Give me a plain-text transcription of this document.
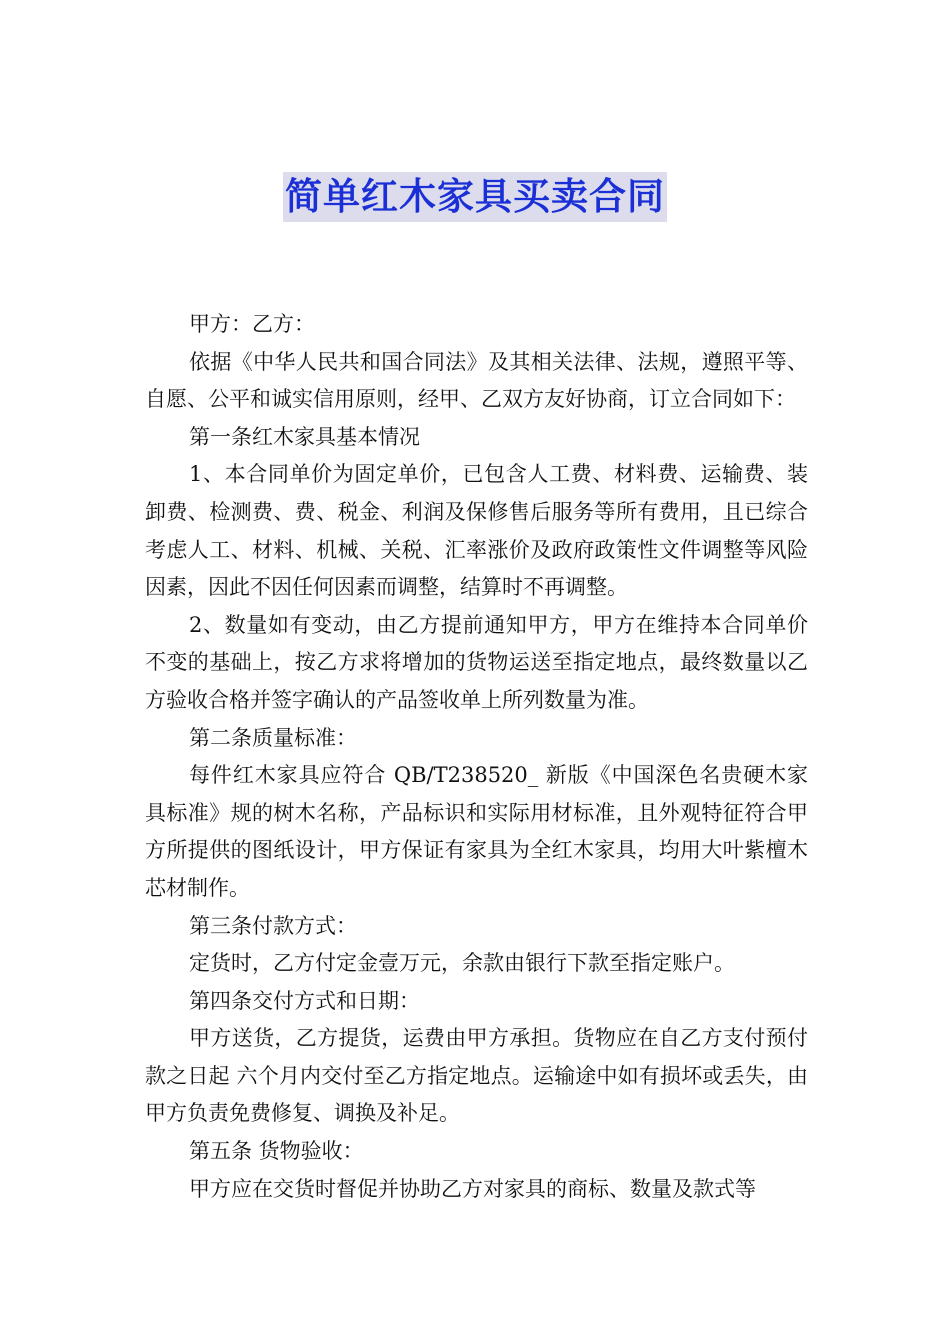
简单红木家具买卖合同

甲方：乙方：

依据《中华人民共和国合同法》及其相关法律、法规，遵照平等、 自愿、公平和诚实信用原则，经甲、乙双方友好协商，订立合同如下：

第一条红木家具基本情况

1、本合同单价为固定单价，已包含人工费、材料费、运输费、装卸费、检测费、费、税金、利润及保修售后服务等所有费用，且已综合考虑人工、材料、机械、关税、汇率涨价及政府政策性文件调整等风险因素，因此不因任何因素而调整，结算时不再调整。

2、数量如有变动，由乙方提前通知甲方，甲方在维持本合同单价不变的基础上，按乙方求将增加的货物运送至指定地点，最终数量以乙方验收合格并签字确认的产品签收单上所列数量为准。

第二条质量标准：

每件红木家具应符合 QB/T238520_ 新版《中国深色名贵硬木家具标准》规的树木名称，产品标识和实际用材标准，且外观特征符合甲方所提供的图纸设计，甲方保证有家具为全红木家具，均用大叶紫檀木芯材制作。

第三条付款方式：

定货时，乙方付定金壹万元，余款由银行下款至指定账户。

第四条交付方式和日期：

甲方送货，乙方提货，运费由甲方承担。货物应在自乙方支付预付款之日起 六个月内交付至乙方指定地点。运输途中如有损坏或丢失，由甲方负责免费修复、调换及补足。

第五条 货物验收：

甲方应在交货时督促并协助乙方对家具的商标、数量及款式等
